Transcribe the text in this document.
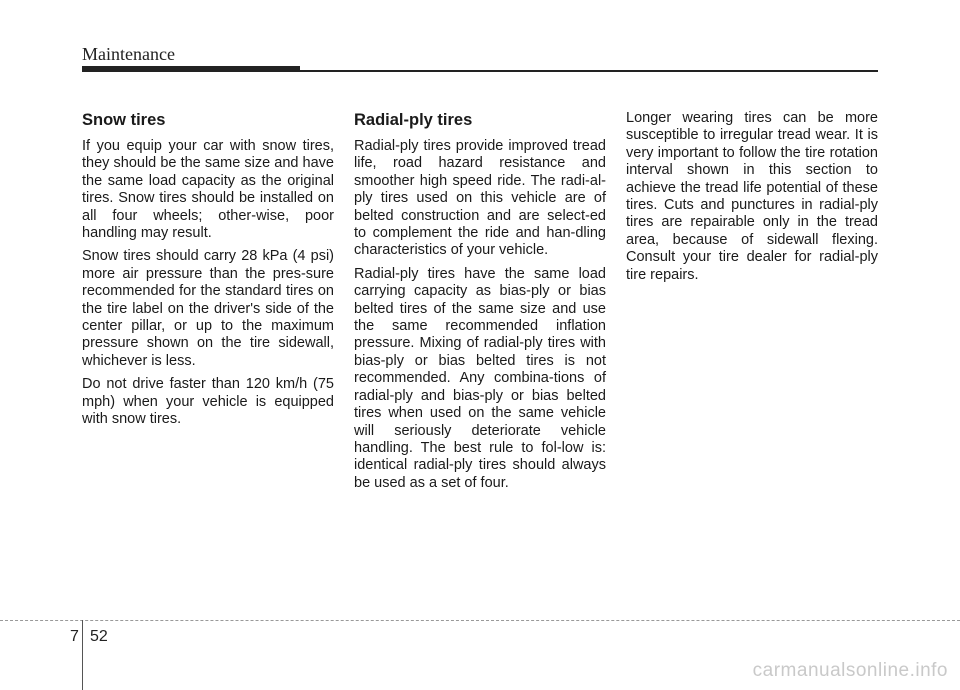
Maintenance
Snow tires

If you equip your car with snow tires, they should be the same size and have the same load capacity as the original tires. Snow tires should be installed on all four wheels; other-wise, poor handling may result.

Snow tires should carry 28 kPa (4 psi) more air pressure than the pres-sure recommended for the standard tires on the tire label on the driver's side of the center pillar, or up to the maximum pressure shown on the tire sidewall, whichever is less.

Do not drive faster than 120 km/h (75 mph) when your vehicle is equipped with snow tires.

Radial-ply tires

Radial-ply tires provide improved tread life, road hazard resistance and smoother high speed ride. The radi-al-ply tires used on this vehicle are of belted construction and are select-ed to complement the ride and han-dling characteristics of your vehicle.

Radial-ply tires have the same load carrying capacity as bias-ply or bias belted tires of the same size and use the same recommended inflation pressure. Mixing of radial-ply tires with bias-ply or bias belted tires is not recommended. Any combina-tions of radial-ply and bias-ply or bias belted tires when used on the same vehicle will seriously deteriorate vehicle handling. The best rule to fol-low is: identical radial-ply tires should always be used as a set of four.

Longer wearing tires can be more susceptible to irregular tread wear. It is very important to follow the tire rotation interval shown in this section to achieve the tread life potential of these tires. Cuts and punctures in radial-ply tires are repairable only in the tread area, because of sidewall flexing. Consult your tire dealer for radial-ply tire repairs.

7 52
carmanualsonline.info
